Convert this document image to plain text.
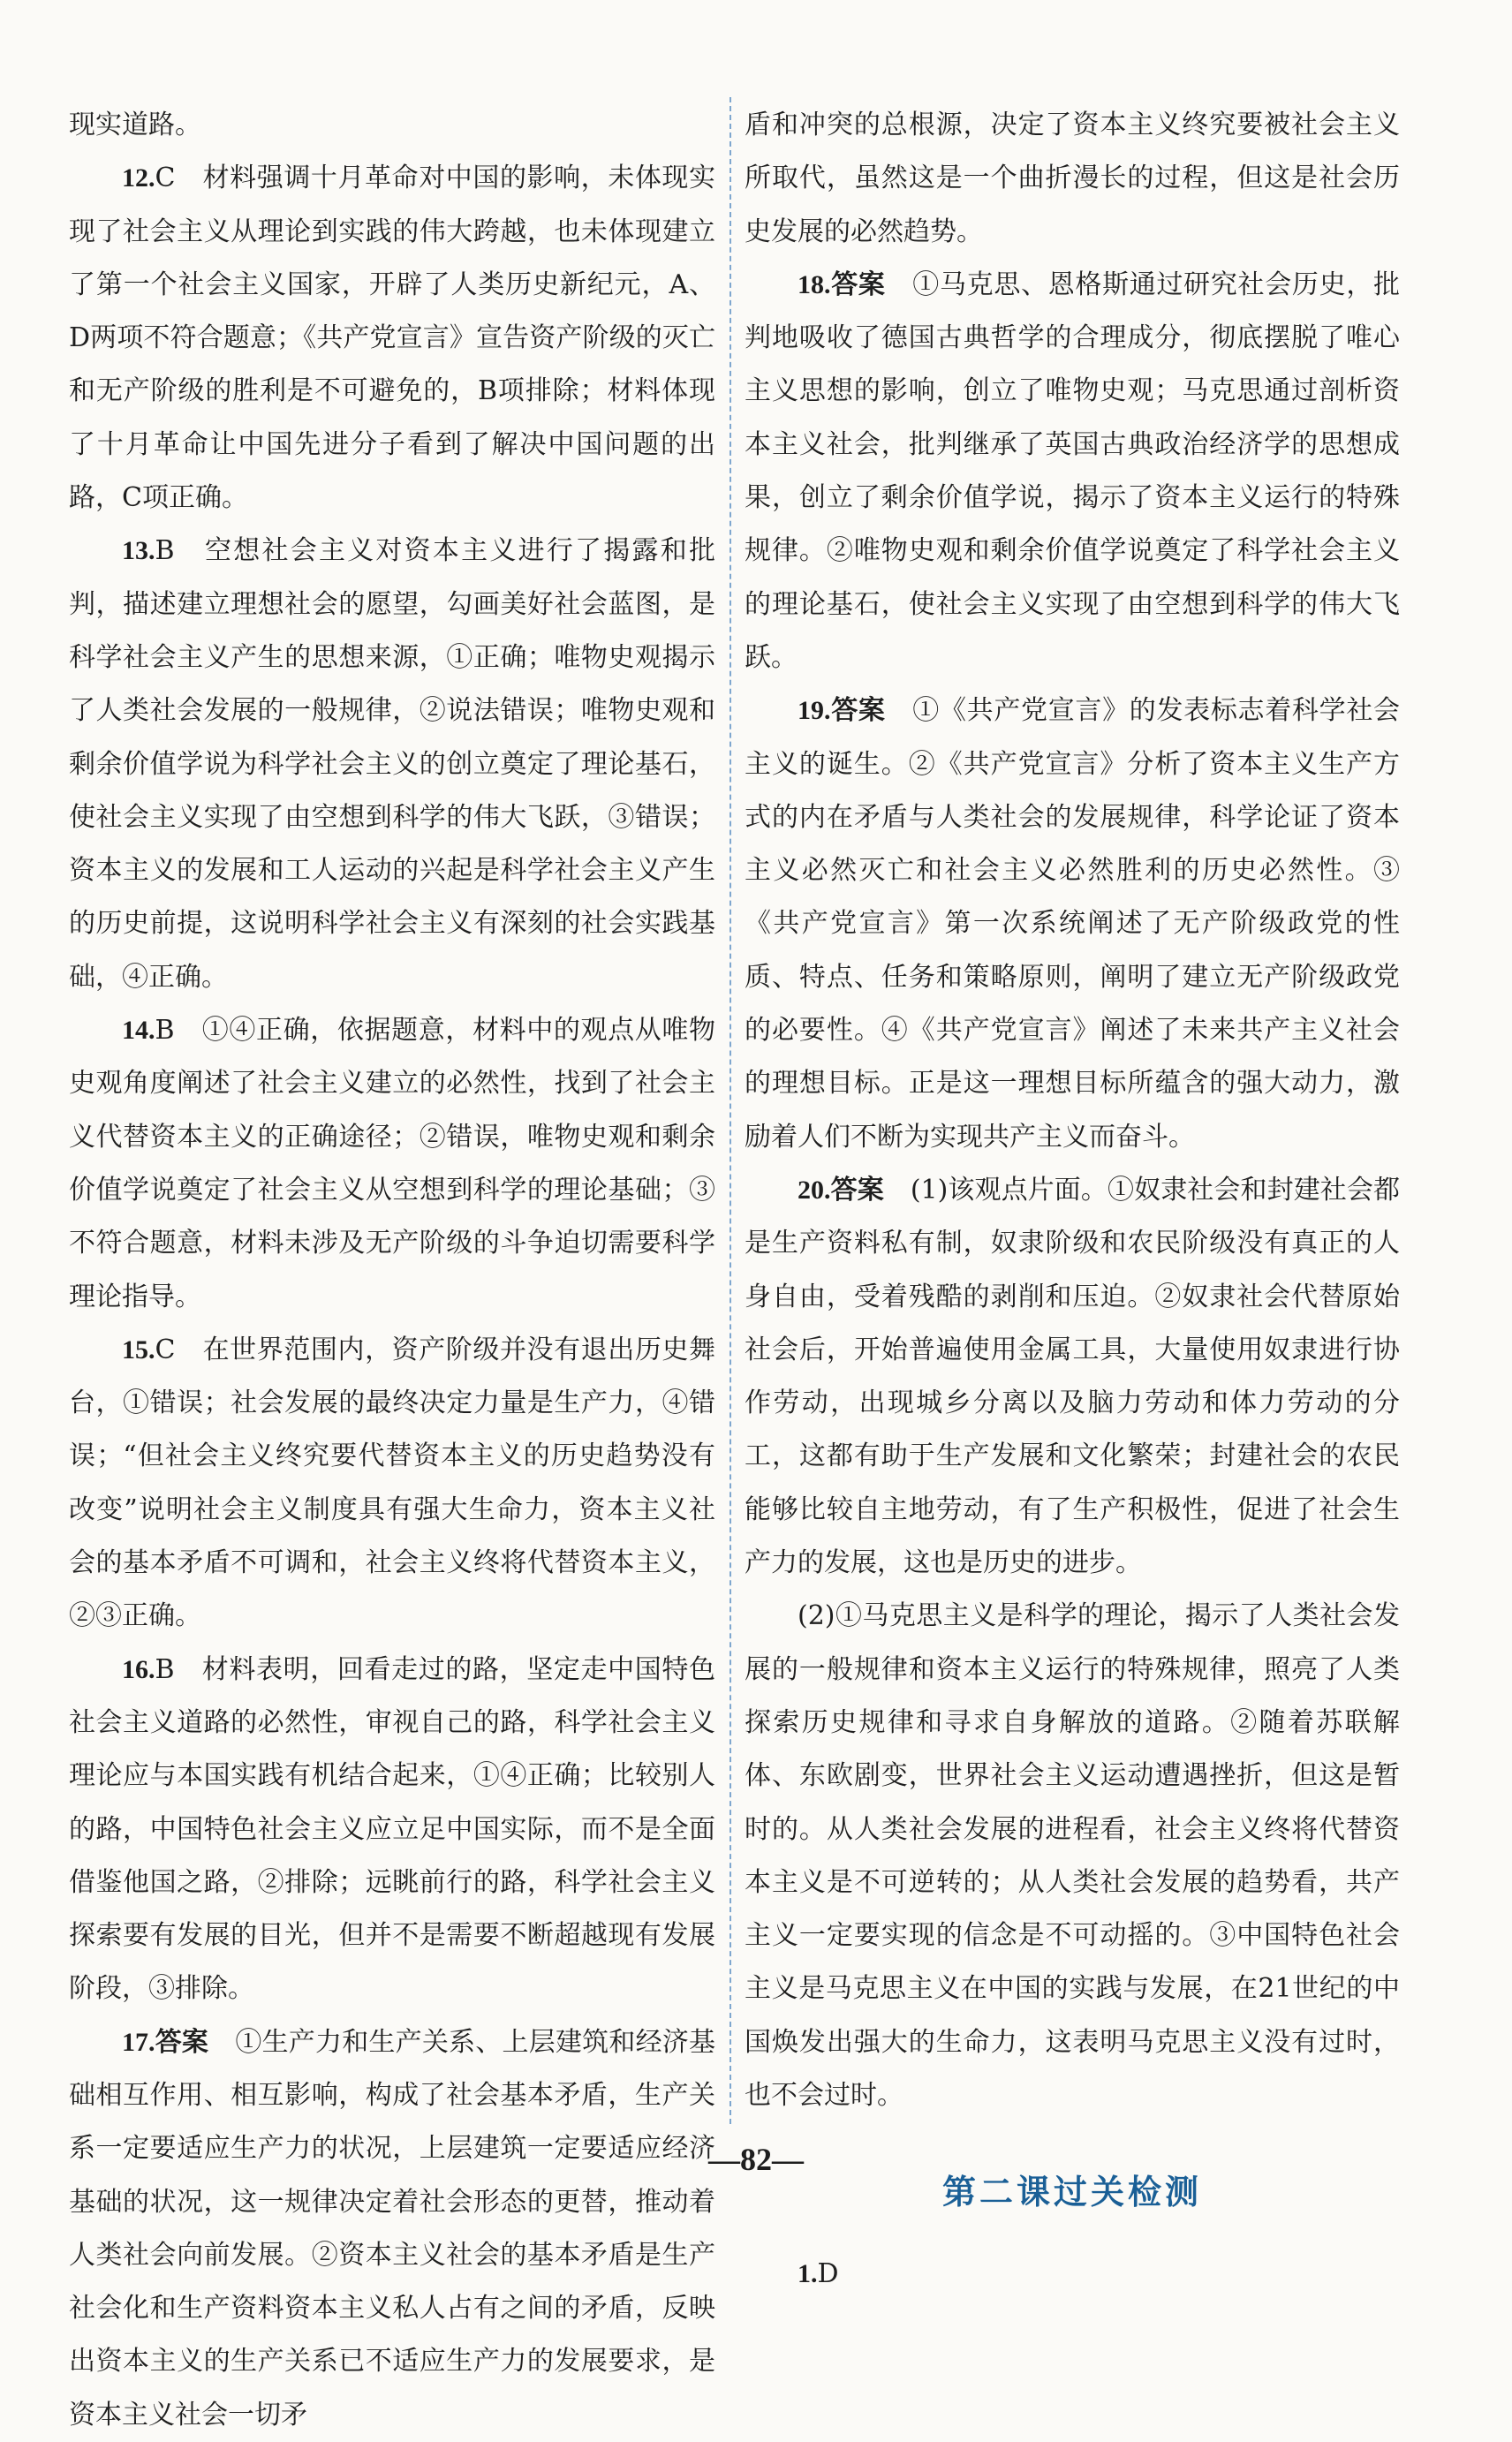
现实道路。

12.C　材料强调十月革命对中国的影响，未体现实现了社会主义从理论到实践的伟大跨越，也未体现建立了第一个社会主义国家，开辟了人类历史新纪元，A、D两项不符合题意；《共产党宣言》宣告资产阶级的灭亡和无产阶级的胜利是不可避免的，B项排除；材料体现了十月革命让中国先进分子看到了解决中国问题的出路，C项正确。

13.B　空想社会主义对资本主义进行了揭露和批判，描述建立理想社会的愿望，勾画美好社会蓝图，是科学社会主义产生的思想来源，①正确；唯物史观揭示了人类社会发展的一般规律，②说法错误；唯物史观和剩余价值学说为科学社会主义的创立奠定了理论基石，使社会主义实现了由空想到科学的伟大飞跃，③错误；资本主义的发展和工人运动的兴起是科学社会主义产生的历史前提，这说明科学社会主义有深刻的社会实践基础，④正确。

14.B　①④正确，依据题意，材料中的观点从唯物史观角度阐述了社会主义建立的必然性，找到了社会主义代替资本主义的正确途径；②错误，唯物史观和剩余价值学说奠定了社会主义从空想到科学的理论基础；③不符合题意，材料未涉及无产阶级的斗争迫切需要科学理论指导。

15.C　在世界范围内，资产阶级并没有退出历史舞台，①错误；社会发展的最终决定力量是生产力，④错误；“但社会主义终究要代替资本主义的历史趋势没有改变”说明社会主义制度具有强大生命力，资本主义社会的基本矛盾不可调和，社会主义终将代替资本主义，②③正确。

16.B　材料表明，回看走过的路，坚定走中国特色社会主义道路的必然性，审视自己的路，科学社会主义理论应与本国实践有机结合起来，①④正确；比较别人的路，中国特色社会主义应立足中国实际，而不是全面借鉴他国之路，②排除；远眺前行的路，科学社会主义探索要有发展的目光，但并不是需要不断超越现有发展阶段，③排除。

17.答案  ①生产力和生产关系、上层建筑和经济基础相互作用、相互影响，构成了社会基本矛盾，生产关系一定要适应生产力的状况，上层建筑一定要适应经济基础的状况，这一规律决定着社会形态的更替，推动着人类社会向前发展。②资本主义社会的基本矛盾是生产社会化和生产资料资本主义私人占有之间的矛盾，反映出资本主义的生产关系已不适应生产力的发展要求，是资本主义社会一切矛

盾和冲突的总根源，决定了资本主义终究要被社会主义所取代，虽然这是一个曲折漫长的过程，但这是社会历史发展的必然趋势。

18.答案  ①马克思、恩格斯通过研究社会历史，批判地吸收了德国古典哲学的合理成分，彻底摆脱了唯心主义思想的影响，创立了唯物史观；马克思通过剖析资本主义社会，批判继承了英国古典政治经济学的思想成果，创立了剩余价值学说，揭示了资本主义运行的特殊规律。②唯物史观和剩余价值学说奠定了科学社会主义的理论基石，使社会主义实现了由空想到科学的伟大飞跃。

19.答案  ①《共产党宣言》的发表标志着科学社会主义的诞生。②《共产党宣言》分析了资本主义生产方式的内在矛盾与人类社会的发展规律，科学论证了资本主义必然灭亡和社会主义必然胜利的历史必然性。③《共产党宣言》第一次系统阐述了无产阶级政党的性质、特点、任务和策略原则，阐明了建立无产阶级政党的必要性。④《共产党宣言》阐述了未来共产主义社会的理想目标。正是这一理想目标所蕴含的强大动力，激励着人们不断为实现共产主义而奋斗。

20.答案  (1)该观点片面。①奴隶社会和封建社会都是生产资料私有制，奴隶阶级和农民阶级没有真正的人身自由，受着残酷的剥削和压迫。②奴隶社会代替原始社会后，开始普遍使用金属工具，大量使用奴隶进行协作劳动，出现城乡分离以及脑力劳动和体力劳动的分工，这都有助于生产发展和文化繁荣；封建社会的农民能够比较自主地劳动，有了生产积极性，促进了社会生产力的发展，这也是历史的进步。

(2)①马克思主义是科学的理论，揭示了人类社会发展的一般规律和资本主义运行的特殊规律，照亮了人类探索历史规律和寻求自身解放的道路。②随着苏联解体、东欧剧变，世界社会主义运动遭遇挫折，但这是暂时的。从人类社会发展的进程看，社会主义终将代替资本主义是不可逆转的；从人类社会发展的趋势看，共产主义一定要实现的信念是不可动摇的。③中国特色社会主义是马克思主义在中国的实践与发展，在21世纪的中国焕发出强大的生命力，这表明马克思主义没有过时，也不会过时。

第二课过关检测

1.D

—82—
